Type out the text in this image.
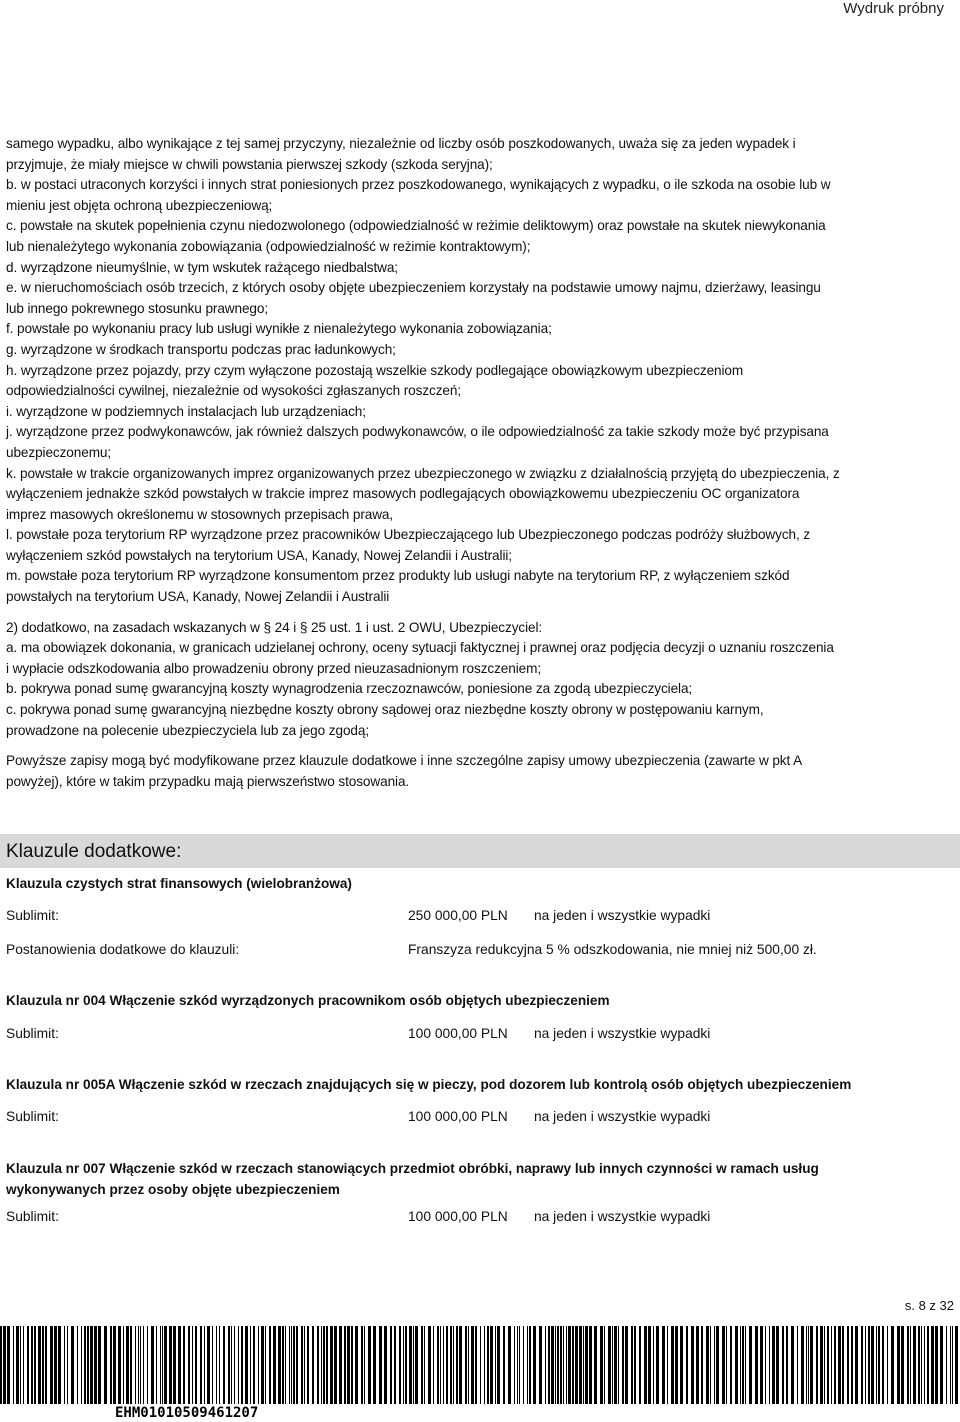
Wydruk próbny
samego wypadku, albo wynikające z tej samej przyczyny, niezależnie od liczby osób poszkodowanych, uważa się za jeden wypadek i
przyjmuje, że miały miejsce w chwili powstania pierwszej szkody (szkoda seryjna);
b. w postaci utraconych korzyści i innych strat poniesionych przez poszkodowanego, wynikających z wypadku, o ile szkoda na osobie lub w
mieniu jest objęta ochroną ubezpieczeniową;
c. powstałe na skutek popełnienia czynu niedozwolonego (odpowiedzialność w reżimie deliktowym) oraz powstałe na skutek niewykonania
lub nienależytego wykonania zobowiązania (odpowiedzialność w reżimie kontraktowym);
d. wyrządzone nieumyślnie, w tym wskutek rażącego niedbalstwa;
e. w nieruchomościach osób trzecich, z których osoby objęte ubezpieczeniem korzystały na podstawie umowy najmu, dzierżawy, leasingu
lub innego pokrewnego stosunku prawnego;
f. powstałe po wykonaniu pracy lub usługi wynikłe z nienależytego wykonania zobowiązania;
g. wyrządzone w środkach transportu podczas prac ładunkowych;
h. wyrządzone przez pojazdy, przy czym wyłączone pozostają wszelkie szkody podlegające obowiązkowym ubezpieczeniom
odpowiedzialności cywilnej, niezależnie od wysokości zgłaszanych roszczeń;
i. wyrządzone w podziemnych instalacjach lub urządzeniach;
j. wyrządzone przez podwykonawców, jak również dalszych podwykonawców, o ile odpowiedzialność za takie szkody może być przypisana
ubezpieczonemu;
k. powstałe w trakcie organizowanych imprez organizowanych przez ubezpieczonego w związku z działalnością przyjętą do ubezpieczenia, z
wyłączeniem jednakże szkód powstałych w trakcie imprez masowych podlegających obowiązkowemu ubezpieczeniu OC organizatora
imprez masowych określonemu w stosownych przepisach prawa,
l. powstałe poza terytorium RP wyrządzone przez pracowników Ubezpieczającego lub Ubezpieczonego podczas podróży służbowych, z
wyłączeniem szkód powstałych na terytorium USA, Kanady, Nowej Zelandii i Australii;
m. powstałe poza terytorium RP wyrządzone konsumentom przez produkty lub usługi nabyte na terytorium RP, z wyłączeniem szkód
powstałych na terytorium USA, Kanady, Nowej Zelandii i Australii
2) dodatkowo, na zasadach wskazanych w § 24 i § 25 ust. 1 i ust. 2 OWU, Ubezpieczyciel:
a. ma obowiązek dokonania, w granicach udzielanej ochrony, oceny sytuacji faktycznej i prawnej oraz podjęcia decyzji o uznaniu roszczenia
i wypłacie odszkodowania albo prowadzeniu obrony przed nieuzasadnionym roszczeniem;
b. pokrywa ponad sumę gwarancyjną koszty wynagrodzenia rzeczoznawców, poniesione za zgodą ubezpieczyciela;
c. pokrywa ponad sumę gwarancyjną niezbędne koszty obrony sądowej oraz niezbędne koszty obrony w postępowaniu karnym,
prowadzone na polecenie ubezpieczyciela lub za jego zgodą;
Powyższe zapisy mogą być modyfikowane przez klauzule dodatkowe i inne szczególne zapisy umowy ubezpieczenia (zawarte w pkt A
powyżej), które w takim przypadku mają pierwszeństwo stosowania.
Klauzule dodatkowe:
Klauzula czystych strat finansowych (wielobranżowa)
Sublimit:	250 000,00 PLN na jeden i wszystkie wypadki
Postanowienia dodatkowe do klauzuli:	Franszyza redukcyjna 5 % odszkodowania, nie mniej niż 500,00 zł.
Klauzula nr 004 Włączenie szkód wyrządzonych pracownikom osób objętych ubezpieczeniem
Sublimit:	100 000,00 PLN na jeden i wszystkie wypadki
Klauzula nr 005A Włączenie szkód w rzeczach znajdujących się w pieczy, pod dozorem lub kontrolą osób objętych ubezpieczeniem
Sublimit:	100 000,00 PLN na jeden i wszystkie wypadki
Klauzula nr 007 Włączenie szkód w rzeczach stanowiących przedmiot obróbki, naprawy lub innych czynności w ramach usług
wykonywanych przez osoby objęte ubezpieczeniem
Sublimit:	100 000,00 PLN na jeden i wszystkie wypadki
s. 8 z 32
EHM01010509461207
